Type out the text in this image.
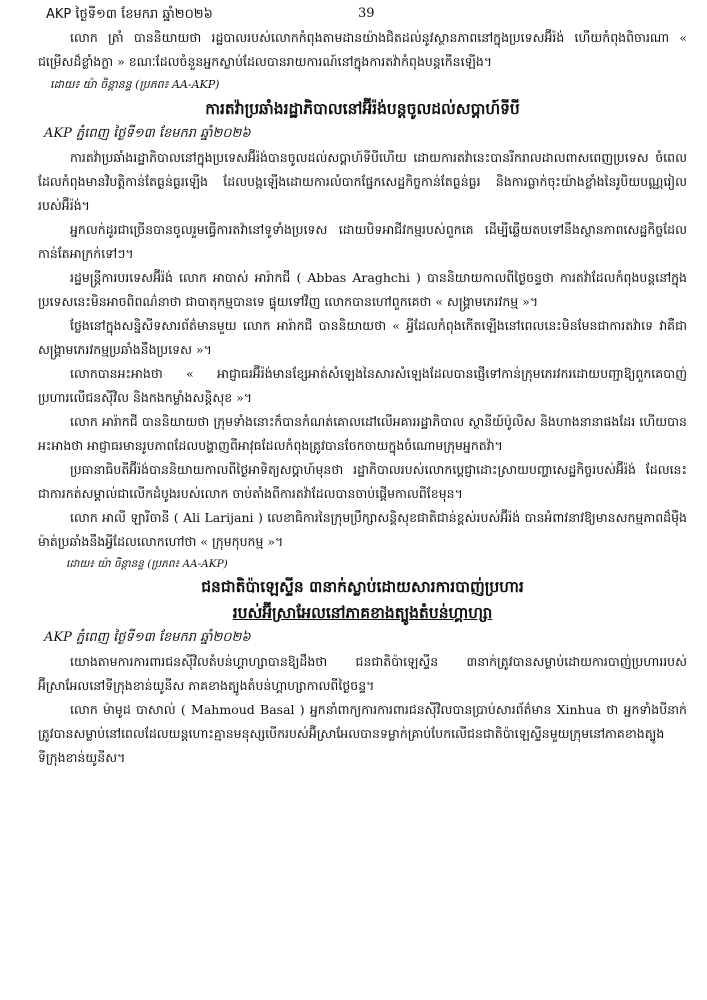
AKP ថ្ងៃទី១៣ ខែមករា ឆ្នាំ២០២៦	39

លោក ត្រាំ បាននិយាយថា រដ្ឋបាលរបស់លោកកំពុងតាមដានយ៉ាងជិតដល់នូវស្ថានភាពនៅក្នុងប្រទេសអ៊ីរ៉ង់ ហើយកំពុងពិចារណា « ជម្រើសដ៏ខ្លាំងក្លា » ខណៈដែលចំនួនអ្នកស្លាប់ដែលបានរាយការណ៍នៅក្នុងការតវ៉ាកំពុងបន្តកើនឡើង។

ដោយ៖ យ៉ា ចិន្តានន្ទ (ប្រភព៖ AA-AKP)

ការតវ៉ាប្រឆាំងរដ្ឋាភិបាលនៅអ៊ីរ៉ង់បន្តចូលដល់សប្តាហ៍ទីបី
AKP ភ្នំពេញ ថ្ងៃទី១៣ ខែមករា ឆ្នាំ២០២៦

ការតវ៉ាប្រឆាំងរដ្ឋាភិបាលនៅក្នុងប្រទេសអ៊ីរ៉ង់បានចូលដល់សប្តាហ៍ទីបីហើយ ដោយការតវ៉ានេះបានរីករាលដាលពាសពេញប្រទេស ចំពេលដែលកំពុងមានវិបត្តិកាន់តែធ្ងន់ធ្ងរឡើង ដែលបង្កឡើងដោយការលំបាកផ្នែកសេដ្ឋកិច្ចកាន់តែធ្ងន់ធ្ងរ និងការធ្លាក់ចុះយ៉ាងខ្លាំងនៃរូបិយបណ្ណរៀលរបស់អ៊ីរ៉ង់។

អ្នកលក់ដូរជាច្រើនបានចូលរួមធ្វើការតវ៉ានៅទូទាំងប្រទេស ដោយបិទអាជីវកម្មរបស់ពួកគេ ដើម្បីឆ្លើយតបទៅនឹងស្ថានភាពសេដ្ឋកិច្ចដែលកាន់តែអាក្រក់ទៅៗ។

រដ្ឋមន្ត្រីការបរទេសអ៊ីរ៉ង់ លោក អាបាស់ អារ៉ាកជី ( Abbas Araghchi ) បាននិយាយកាលពីថ្ងៃចន្ទថា ការតវ៉ាដែលកំពុងបន្តនៅក្នុងប្រទេសនេះមិនអាចពិពណ៌នាថា ជាបាតុកម្មបានទេ ផ្ទុយទៅវិញ លោកបានហៅពួកគេថា « សង្គ្រាមភេរវកម្ម »។

ថ្លែងនៅក្នុងសន្និសីទសារព័ត៌មានមួយ លោក អារ៉ាកជី បាននិយាយថា « អ្វីដែលកំពុងកើតឡើងនៅពេលនេះមិនមែនជាការតវ៉ាទេ វាគឺជាសង្គ្រាមភេរវកម្មប្រឆាំងនឹងប្រទេស »។

លោកបានអះអាងថា « អាជ្ញាធរអ៊ីរ៉ង់មានខ្សែអាត់សំឡេងនៃសារសំឡេងដែលបានផ្ញើទៅកាន់ក្រុមភេរវករដោយបញ្ជាឱ្យពួកគេបាញ់ប្រហារលើជនស៊ីវិល និងកងកម្លាំងសន្តិសុខ »។

លោក អារ៉ាកជី បាននិយាយថា ក្រុមទាំងនោះក៏បានកំណត់គោលដៅលើអគាររដ្ឋាភិបាល ស្ថានីយ៍ប៉ូលិស និងហាងនានាផងដែរ ហើយបានអះអាងថា អាជ្ញាធរមានរូបភាពដែលបង្ហាញពីអាវុធដែលកំពុងត្រូវបានចែកចាយក្នុងចំណោមក្រុមអ្នកតវ៉ា។

ប្រធានាធិបតីអ៊ីរ៉ង់បាននិយាយកាលពីថ្ងៃអាទិត្យសប្តាហ៍មុនថា រដ្ឋាភិបាលរបស់លោកប្តេជ្ញាដោះស្រាយបញ្ហាសេដ្ឋកិច្ចរបស់អ៊ីរ៉ង់ ដែលនេះជាការកត់សម្គាល់ជាលើកដំបូងរបស់លោក ចាប់តាំងពីការតវ៉ាដែលបានចាប់ផ្តើមកាលពីខែមុន។

លោក អាលី ឡារីចានី ( Ali Larijani ) លេខាធិការនៃក្រុមប្រឹក្សាសន្តិសុខជាតិជាន់ខ្ពស់របស់អ៊ីរ៉ង់ បានអំពាវនាវឱ្យមានសកម្មភាពដ៏ម៉ឺងម៉ាត់ប្រឆាំងនឹងអ្វីដែលលោកហៅថា « ក្រុមកុបកម្ម »។

ដោយ៖ យ៉ា ចិន្តានន្ទ (ប្រភព៖ AA-AKP)
ជនជាតិប៉ាឡេស្ទីន ៣នាក់ស្លាប់ដោយសារការបាញ់ប្រហារ
របស់អ៊ីស្រាអែលនៅភាគខាងត្បូងតំបន់ហ្គាហ្សា
AKP ភ្នំពេញ ថ្ងៃទី១៣ ខែមករា ឆ្នាំ២០២៦

យោងតាមការការពារជនស៊ីវិលតំបន់ហ្គាហ្សាបានឱ្យដឹងថា ជនជាតិប៉ាឡេស្ទីន ៣នាក់ត្រូវបានសម្លាប់ដោយការបាញ់ប្រហាររបស់អ៊ីស្រាអែលនៅទីក្រុងខាន់យូនីស ភាគខាងត្បូងតំបន់ហ្គាហ្សាកាលពីថ្ងៃចន្ទ។

លោក ម៉ាមូដ បាសាល់ ( Mahmoud Basal ) អ្នកនាំពាក្យការការពារជនស៊ីវិលបានប្រាប់សារព័ត៌មាន Xinhua ថា អ្នកទាំងបីនាក់ត្រូវបានសម្លាប់នៅពេលដែលយន្តហោះគ្មានមនុស្សបើករបស់អ៊ីស្រាអែលបានទម្លាក់គ្រាប់បែកលើជនជាតិប៉ាឡេស្ទីនមួយក្រុមនៅភាគខាងត្បូងទីក្រុងខាន់យូនីស។
